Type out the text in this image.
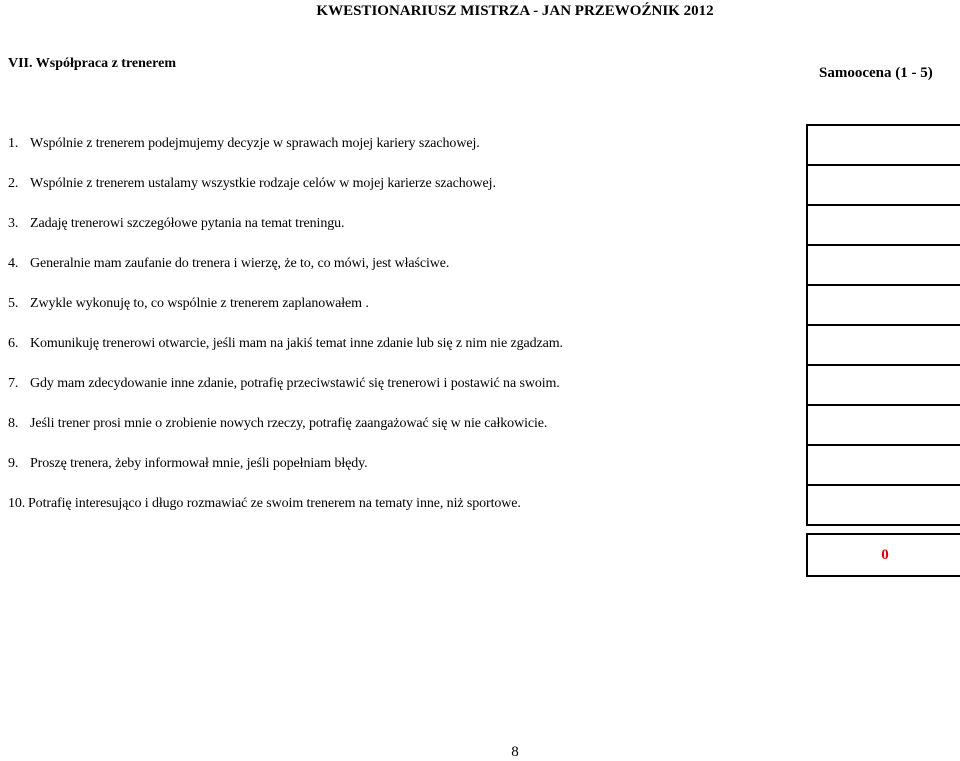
KWESTIONARIUSZ MISTRZA - JAN PRZEWOŹNIK 2012
VII. Współpraca z trenerem
Samoocena (1 - 5)
1. Wspólnie z trenerem podejmujemy decyzje w sprawach mojej kariery szachowej.
2. Wspólnie z trenerem ustalamy wszystkie rodzaje celów w mojej karierze szachowej.
3. Zadaję trenerowi szczegółowe pytania na temat treningu.
4. Generalnie mam zaufanie do trenera i wierzę, że to, co mówi, jest właściwe.
5. Zwykle wykonuję to, co wspólnie z trenerem zaplanowałem .
6. Komunikuję trenerowi otwarcie, jeśli mam na jakiś temat inne zdanie lub się z nim nie zgadzam.
7. Gdy mam zdecydowanie inne zdanie, potrafię przeciwstawić się trenerowi i postawić na swoim.
8. Jeśli trener prosi mnie o zrobienie nowych rzeczy, potrafię zaangażować się w nie całkowicie.
9. Proszę trenera, żeby informował mnie, jeśli popełniam błędy.
10. Potrafię interesująco i długo rozmawiać ze swoim trenerem na tematy inne, niż sportowe.
0
8
